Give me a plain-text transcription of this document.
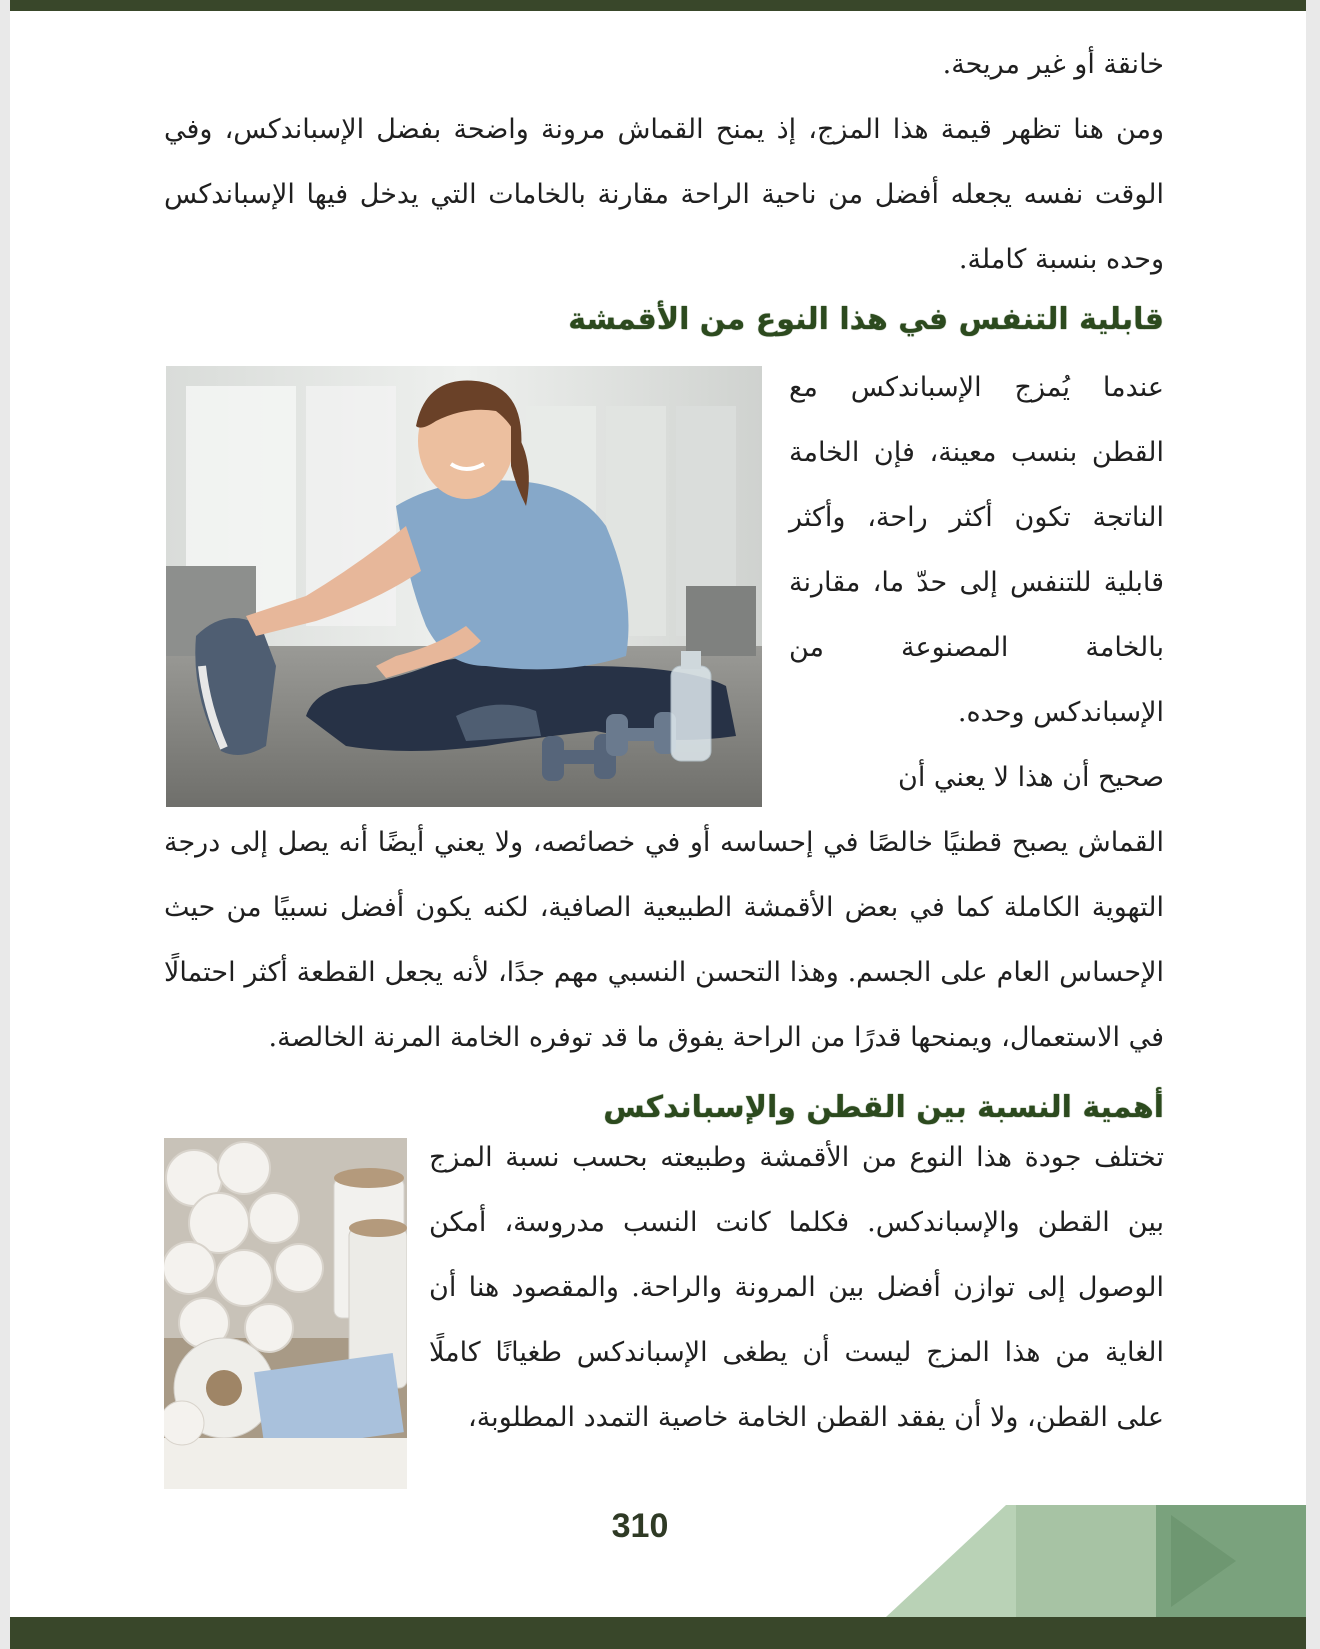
خانقة أو غير مريحة.

ومن هنا تظهر قيمة هذا المزج، إذ يمنح القماش مرونة واضحة بفضل الإسباندكس، وفي الوقت نفسه يجعله أفضل من ناحية الراحة مقارنة بالخامات التي يدخل فيها الإسباندكس وحده بنسبة كاملة.

قابلية التنفس في هذا النوع من الأقمشة

عندما يُمزج الإسباندكس مع القطن بنسب معينة، فإن الخامة الناتجة تكون أكثر راحة، وأكثر قابلية للتنفس إلى حدّ ما، مقارنة بالخامة المصنوعة من الإسباندكس وحده.

صحيح أن هذا لا يعني أن

القماش يصبح قطنيًا خالصًا في إحساسه أو في خصائصه، ولا يعني أيضًا أنه يصل إلى درجة التهوية الكاملة كما في بعض الأقمشة الطبيعية الصافية، لكنه يكون أفضل نسبيًا من حيث الإحساس العام على الجسم. وهذا التحسن النسبي مهم جدًا، لأنه يجعل القطعة أكثر احتمالًا في الاستعمال، ويمنحها قدرًا من الراحة يفوق ما قد توفره الخامة المرنة الخالصة.

أهمية النسبة بين القطن والإسباندكس

تختلف جودة هذا النوع من الأقمشة وطبيعته بحسب نسبة المزج بين القطن والإسباندكس. فكلما كانت النسب مدروسة، أمكن الوصول إلى توازن أفضل بين المرونة والراحة. والمقصود هنا أن الغاية من هذا المزج ليست أن يطغى الإسباندكس طغيانًا كاملًا على القطن، ولا أن يفقد القطن الخامة خاصية التمدد المطلوبة،

310
